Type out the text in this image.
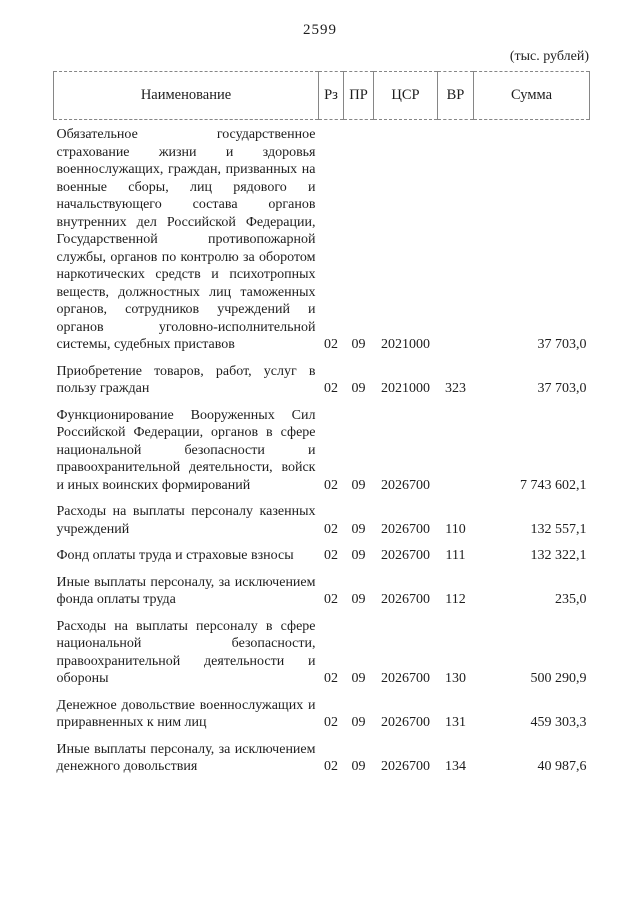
2599
(тыс. рублей)
Наименование	Рз	ПР	ЦСР	ВР	Сумма
Обязательное государственное страхование жизни и здоровья военнослужащих, граждан, призванных на военные сборы, лиц рядового и начальствующего состава органов внутренних дел Российской Федерации, Государственной противопожарной службы, органов по контролю за оборотом наркотических средств и психотропных веществ, должностных лиц таможенных органов, сотрудников учреждений и органов уголовно-исполнительной системы, судебных приставов	02	09	2021000		37 703,0
Приобретение товаров, работ, услуг в пользу граждан	02	09	2021000	323	37 703,0
Функционирование Вооруженных Сил Российской Федерации, органов в сфере национальной безопасности и правоохранительной деятельности, войск и иных воинских формирований	02	09	2026700		7 743 602,1
Расходы на выплаты персоналу казенных учреждений	02	09	2026700	110	132 557,1
Фонд оплаты труда и страховые взносы	02	09	2026700	111	132 322,1
Иные выплаты персоналу, за исключением фонда оплаты труда	02	09	2026700	112	235,0
Расходы на выплаты персоналу в сфере национальной безопасности, правоохранительной деятельности и обороны	02	09	2026700	130	500 290,9
Денежное довольствие военнослужащих и приравненных к ним лиц	02	09	2026700	131	459 303,3
Иные выплаты персоналу, за исключением денежного довольствия	02	09	2026700	134	40 987,6
